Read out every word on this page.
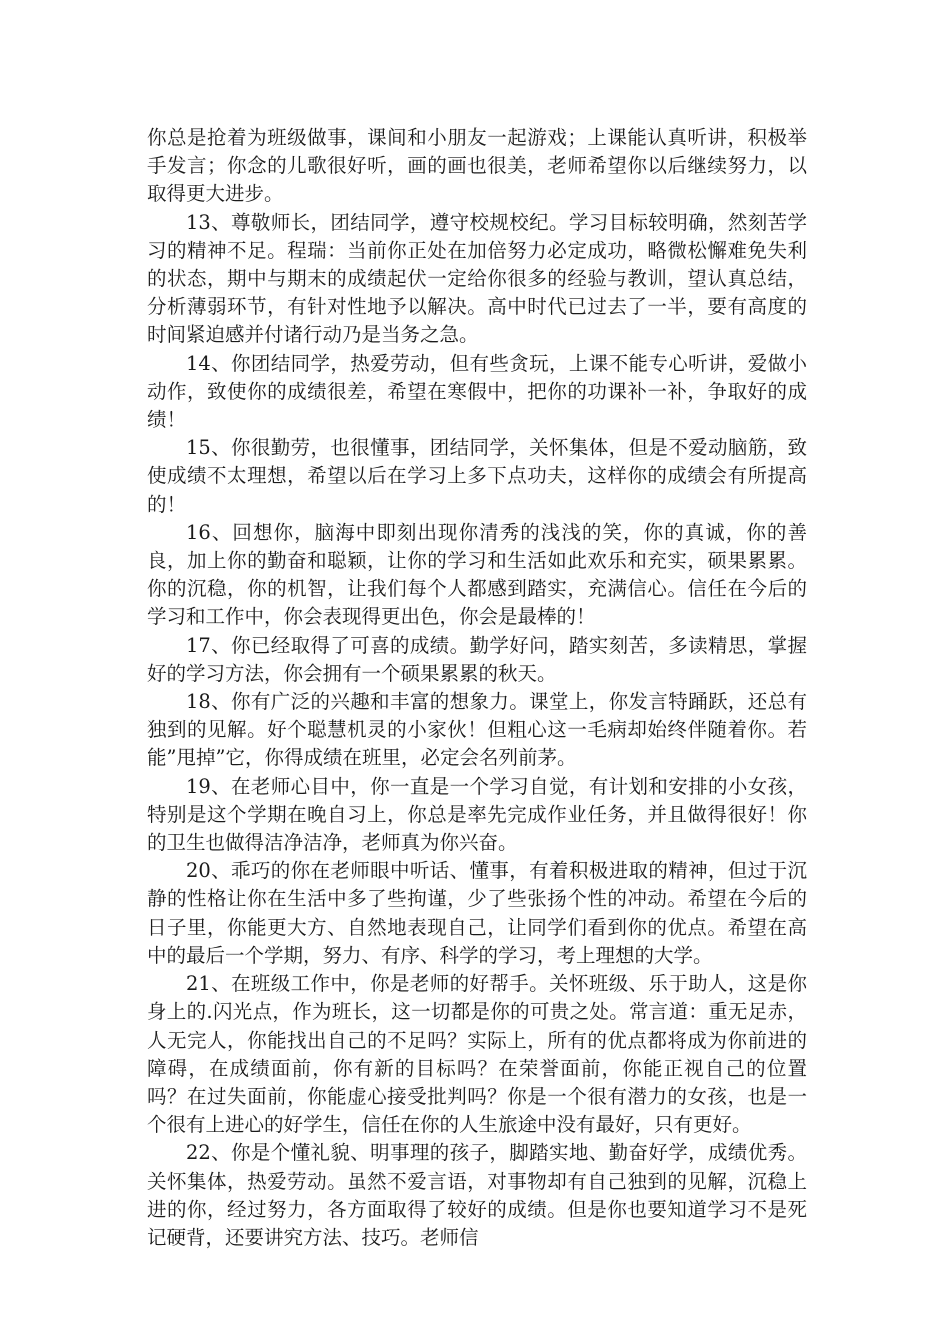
你总是抢着为班级做事，课间和小朋友一起游戏；上课能认真听讲，积极举手发言；你念的儿歌很好听，画的画也很美，老师希望你以后继续努力，以取得更大进步。

13、尊敬师长，团结同学，遵守校规校纪。学习目标较明确，然刻苦学习的精神不足。程瑞：当前你正处在加倍努力必定成功，略微松懈难免失利的状态，期中与期末的成绩起伏一定给你很多的经验与教训，望认真总结，分析薄弱环节，有针对性地予以解决。高中时代已过去了一半，要有高度的时间紧迫感并付诸行动乃是当务之急。

14、你团结同学，热爱劳动，但有些贪玩，上课不能专心听讲，爱做小动作，致使你的成绩很差，希望在寒假中，把你的功课补一补，争取好的成绩！

15、你很勤劳，也很懂事，团结同学，关怀集体，但是不爱动脑筋，致使成绩不太理想，希望以后在学习上多下点功夫，这样你的成绩会有所提高的！

16、回想你，脑海中即刻出现你清秀的浅浅的笑，你的真诚，你的善良，加上你的勤奋和聪颖，让你的学习和生活如此欢乐和充实，硕果累累。你的沉稳，你的机智，让我们每个人都感到踏实，充满信心。信任在今后的学习和工作中，你会表现得更出色，你会是最棒的！

17、你已经取得了可喜的成绩。勤学好问，踏实刻苦，多读精思，掌握好的学习方法，你会拥有一个硕果累累的秋天。

18、你有广泛的兴趣和丰富的想象力。课堂上，你发言特踊跃，还总有独到的见解。好个聪慧机灵的小家伙！但粗心这一毛病却始终伴随着你。若能”甩掉”它，你得成绩在班里，必定会名列前茅。

19、在老师心目中，你一直是一个学习自觉，有计划和安排的小女孩，特别是这个学期在晚自习上，你总是率先完成作业任务，并且做得很好！你的卫生也做得洁净洁净，老师真为你兴奋。

20、乖巧的你在老师眼中听话、懂事，有着积极进取的精神，但过于沉静的性格让你在生活中多了些拘谨，少了些张扬个性的冲动。希望在今后的日子里，你能更大方、自然地表现自己，让同学们看到你的优点。希望在高中的最后一个学期，努力、有序、科学的学习，考上理想的大学。

21、在班级工作中，你是老师的好帮手。关怀班级、乐于助人，这是你身上的.闪光点，作为班长，这一切都是你的可贵之处。常言道：重无足赤，人无完人，你能找出自己的不足吗？实际上，所有的优点都将成为你前进的障碍，在成绩面前，你有新的目标吗？在荣誉面前，你能正视自己的位置吗？在过失面前，你能虚心接受批判吗？你是一个很有潜力的女孩，也是一个很有上进心的好学生，信任在你的人生旅途中没有最好，只有更好。

22、你是个懂礼貌、明事理的孩子，脚踏实地、勤奋好学，成绩优秀。关怀集体，热爱劳动。虽然不爱言语，对事物却有自己独到的见解，沉稳上进的你，经过努力，各方面取得了较好的成绩。但是你也要知道学习不是死记硬背，还要讲究方法、技巧。老师信
